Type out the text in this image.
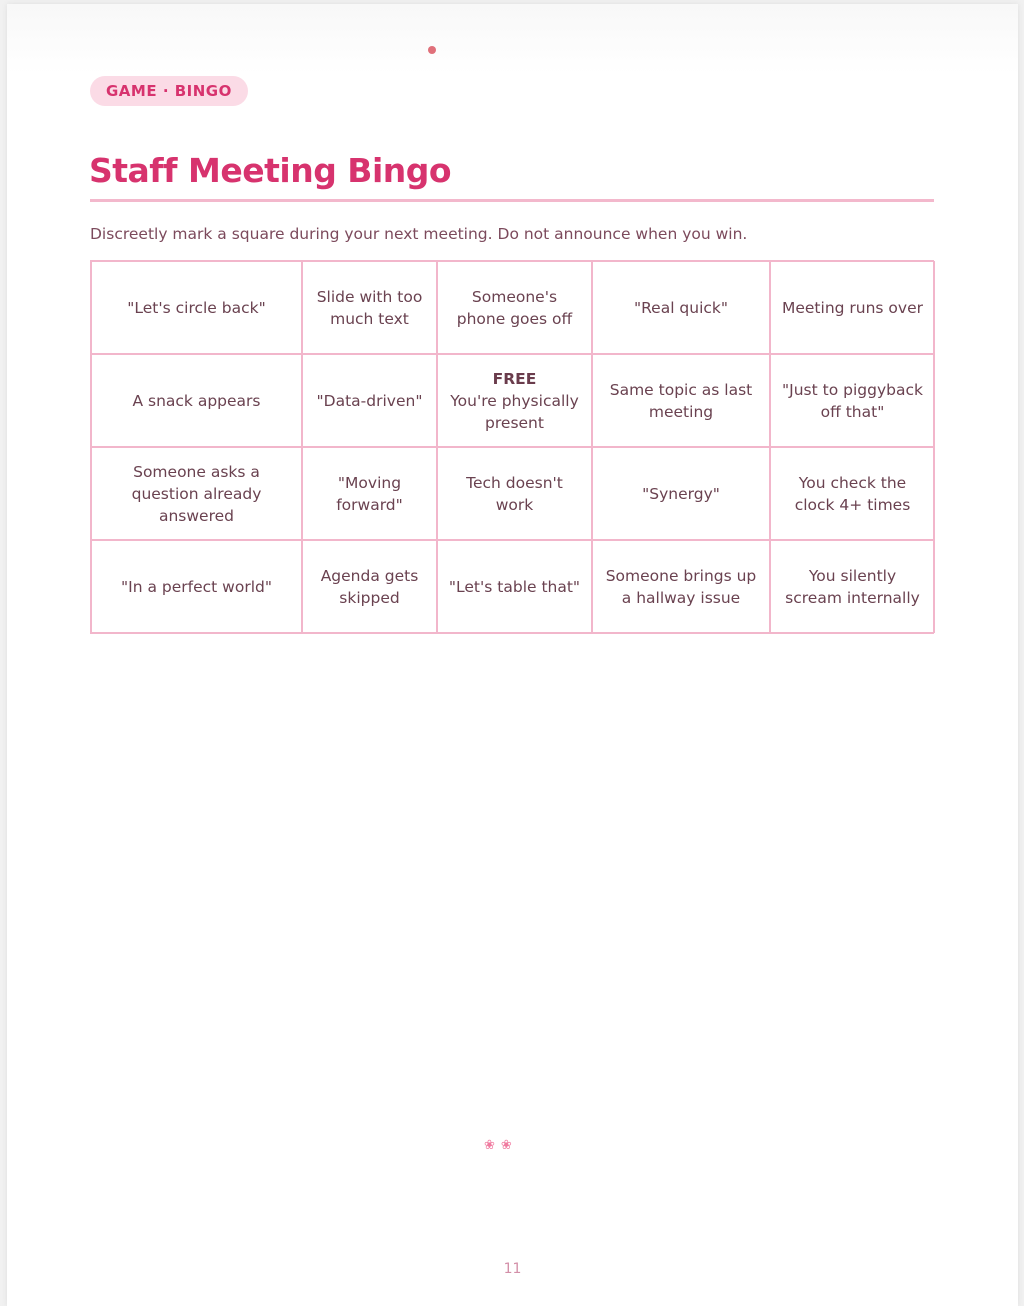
GAME · BINGO
Staff Meeting Bingo
Discreetly mark a square during your next meeting. Do not announce when you win.
"Let's circle back"
Slide with too much text
Someone's phone goes off
"Real quick"	Meeting runs over
A snack appears	"Data-driven"
FREE
You're physically present
Same topic as last meeting
"Just to piggyback off that"
Someone asks a question already answered
"Moving forward"
Tech doesn't work
"Synergy"
You check the clock 4+ times
"In a perfect world"
Agenda gets skipped
"Let's table that"
Someone brings up a hallway issue
You silently scream internally
❀❀
11
